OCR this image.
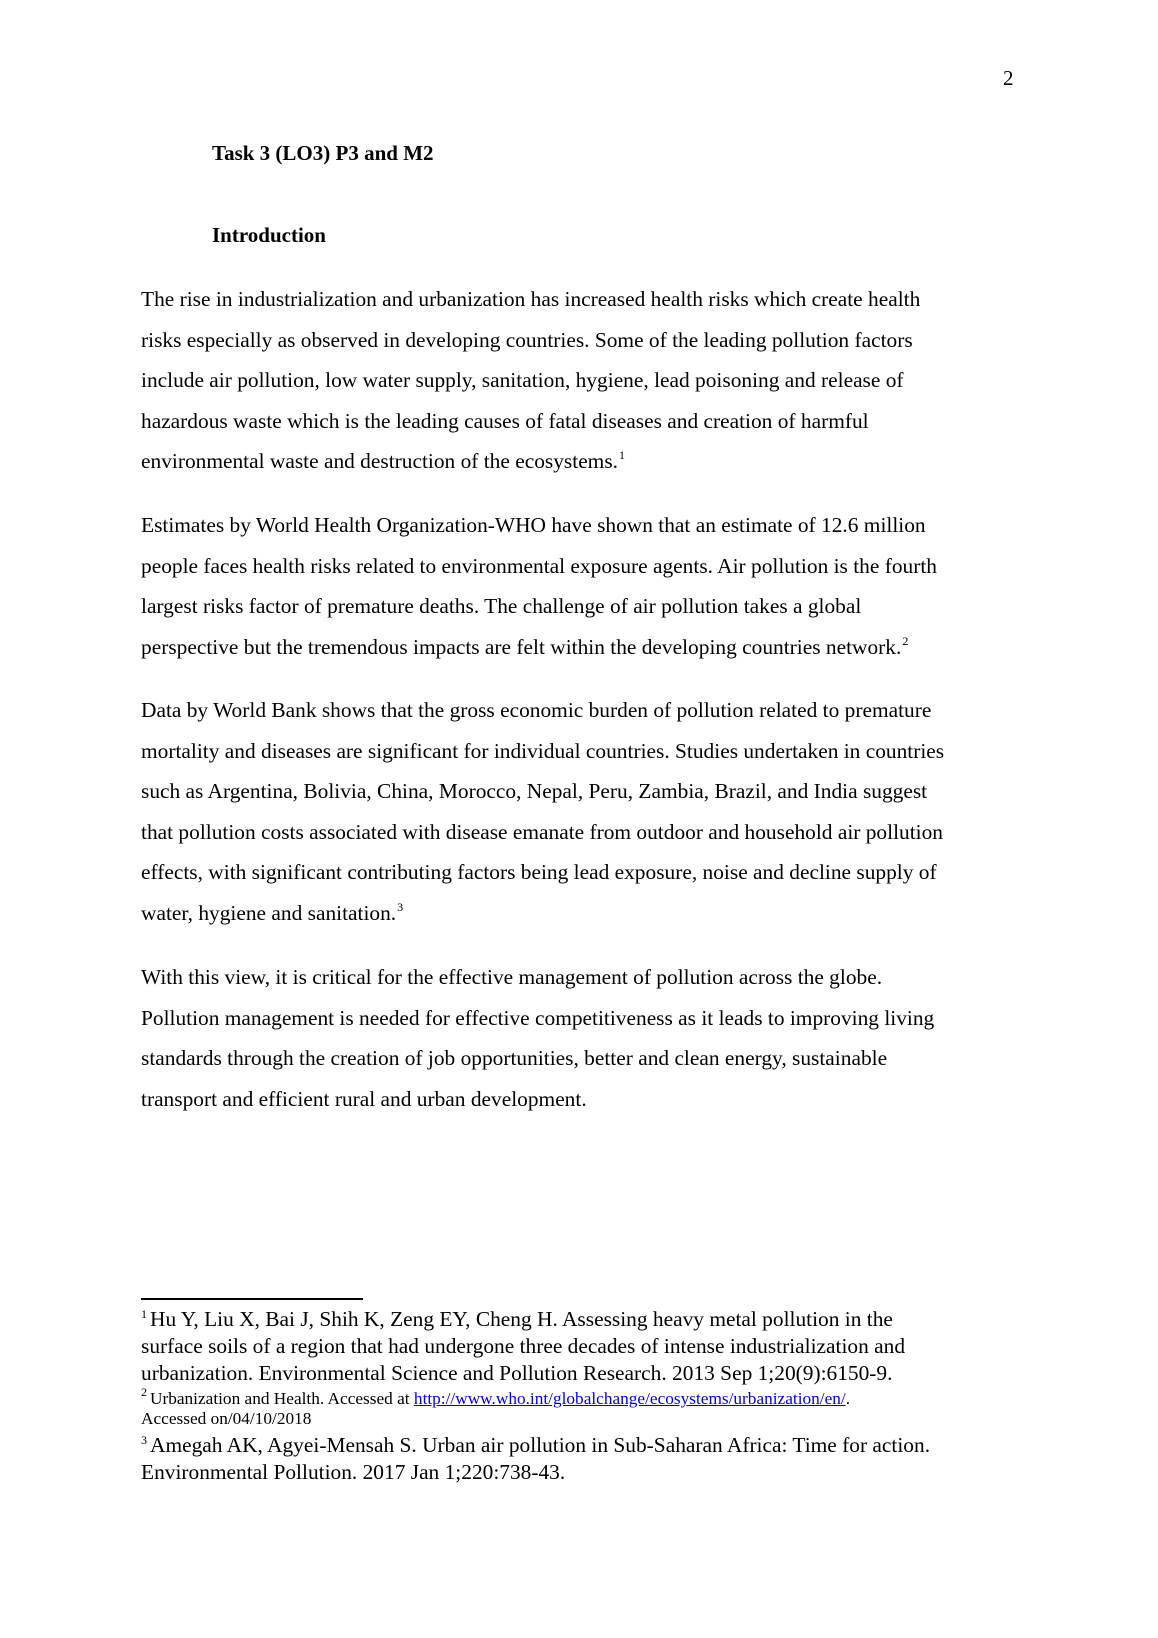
2
Task 3 (LO3) P3 and M2
Introduction

The rise in industrialization and urbanization has increased health risks which create health
risks especially as observed in developing countries. Some of the leading pollution factors
include air pollution, low water supply, sanitation, hygiene, lead poisoning and release of
hazardous waste which is the leading causes of fatal diseases and creation of harmful
environmental waste and destruction of the ecosystems.$^1$

Estimates by World Health Organization-WHO have shown that an estimate of 12.6 million
people faces health risks related to environmental exposure agents. Air pollution is the fourth
largest risks factor of premature deaths. The challenge of air pollution takes a global
perspective but the tremendous impacts are felt within the developing countries network.$^2$

Data by World Bank shows that the gross economic burden of pollution related to premature
mortality and diseases are significant for individual countries. Studies undertaken in countries
such as Argentina, Bolivia, China, Morocco, Nepal, Peru, Zambia, Brazil, and India suggest
that pollution costs associated with disease emanate from outdoor and household air pollution
effects, with significant contributing factors being lead exposure, noise and decline supply of
water, hygiene and sanitation.$^3$

With this view, it is critical for the effective management of pollution across the globe.
Pollution management is needed for effective competitiveness as it leads to improving living
standards through the creation of job opportunities, better and clean energy, sustainable
transport and efficient rural and urban development.

$^1$ Hu Y, Liu X, Bai J, Shih K, Zeng EY, Cheng H. Assessing heavy metal pollution in the
surface soils of a region that had undergone three decades of intense industrialization and
urbanization. Environmental Science and Pollution Research. 2013 Sep 1;20(9):6150-9.
$^2$ Urbanization and Health. Accessed at http://www.who.int/globalchange/ecosystems/urbanization/en/.
Accessed on/04/10/2018
$^3$ Amegah AK, Agyei-Mensah S. Urban air pollution in Sub-Saharan Africa: Time for action.
Environmental Pollution. 2017 Jan 1;220:738-43.
